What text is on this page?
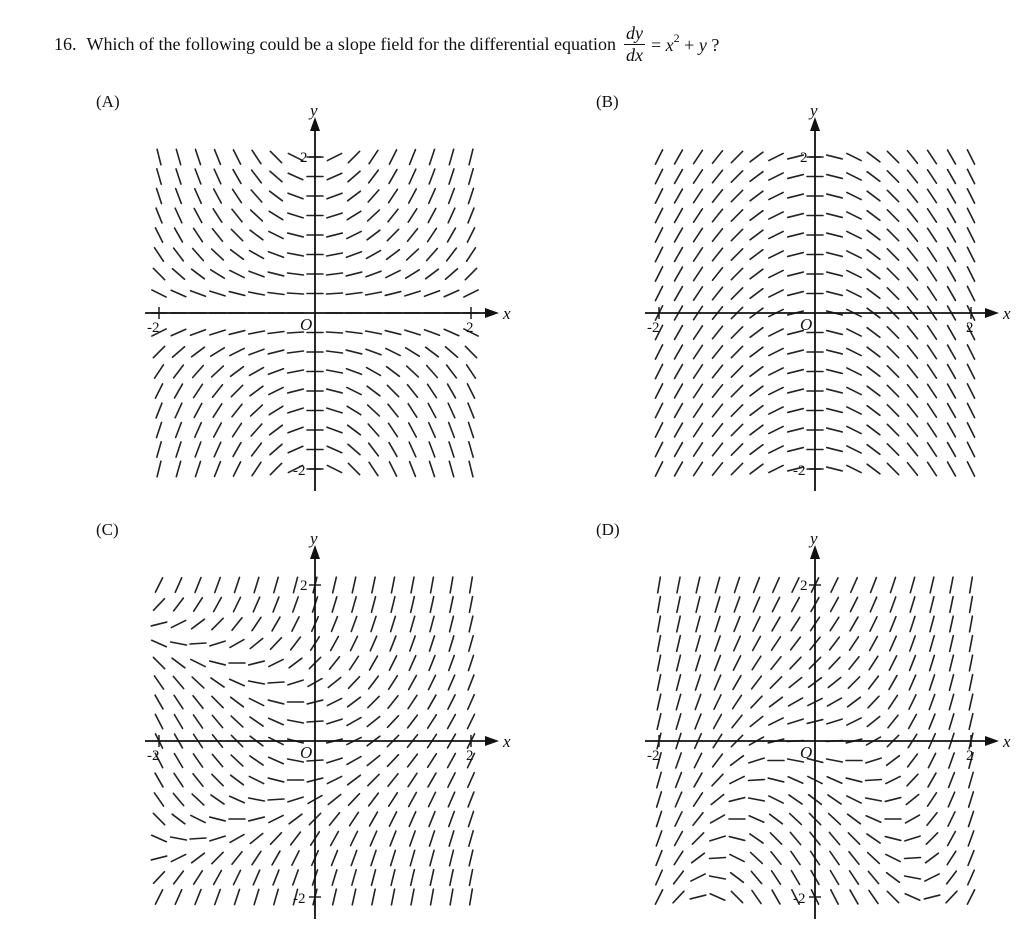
16. Which of the following could be a slope field for the differential equation $\frac{dy}{dx} = x^2 + y$ ?
(A)	(B)
(C)	(D)
x
y
O	2
-2
2
-2
x
y
O	2
-2
2
-2
x
y
O	2
-2
2
-2
x
y
O	2
-2
2
-2
